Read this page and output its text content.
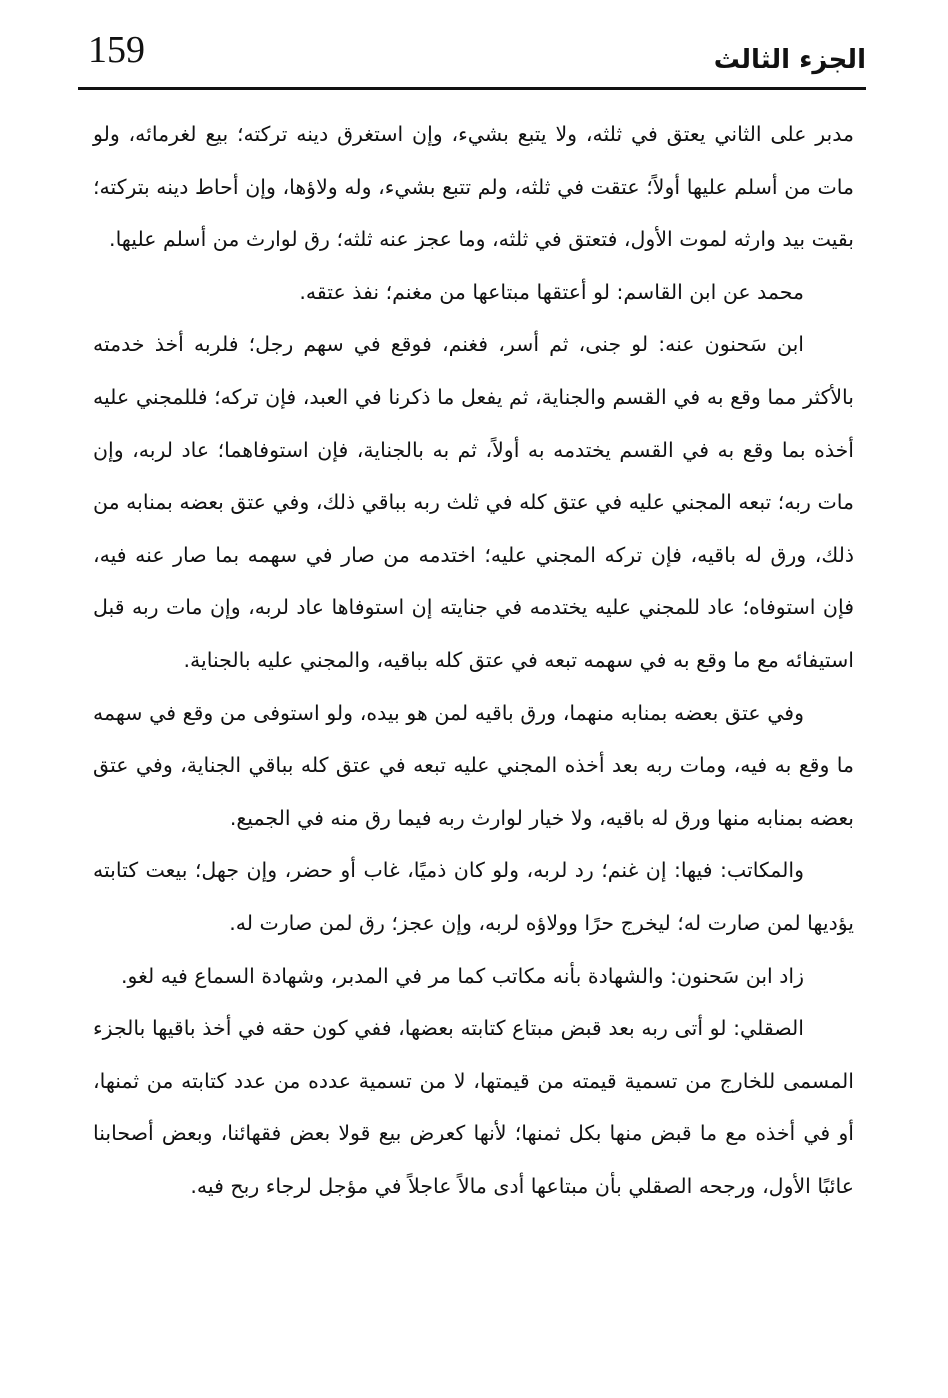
159	الجزء الثالث

مدبر على الثاني يعتق في ثلثه، ولا يتبع بشيء، وإن استغرق دينه تركته؛ بيع لغرمائه، ولو مات من أسلم عليها أولاً؛ عتقت في ثلثه، ولم تتبع بشيء، وله ولاؤها، وإن أحاط دينه بتركته؛ بقيت بيد وارثه لموت الأول، فتعتق في ثلثه، وما عجز عنه ثلثه؛ رق لوارث من أسلم عليها.

محمد عن ابن القاسم: لو أعتقها مبتاعها من مغنم؛ نفذ عتقه.

ابن سَحنون عنه: لو جنى، ثم أسر، فغنم، فوقع في سهم رجل؛ فلربه أخذ خدمته بالأكثر مما وقع به في القسم والجناية، ثم يفعل ما ذكرنا في العبد، فإن تركه؛ فللمجني عليه أخذه بما وقع به في القسم يختدمه به أولاً، ثم به بالجناية، فإن استوفاهما؛ عاد لربه، وإن مات ربه؛ تبعه المجني عليه في عتق كله في ثلث ربه بباقي ذلك، وفي عتق بعضه بمنابه من ذلك، ورق له باقيه، فإن تركه المجني عليه؛ اختدمه من صار في سهمه بما صار عنه فيه، فإن استوفاه؛ عاد للمجني عليه يختدمه في جنايته إن استوفاها عاد لربه، وإن مات ربه قبل استيفائه مع ما وقع به في سهمه تبعه في عتق كله بباقيه، والمجني عليه بالجناية.

وفي عتق بعضه بمنابه منهما، ورق باقيه لمن هو بيده، ولو استوفى من وقع في سهمه ما وقع به فيه، ومات ربه بعد أخذه المجني عليه تبعه في عتق كله بباقي الجناية، وفي عتق بعضه بمنابه منها ورق له باقيه، ولا خيار لوارث ربه فيما رق منه في الجميع.

والمكاتب: فيها: إن غنم؛ رد لربه، ولو كان ذميًا، غاب أو حضر، وإن جهل؛ بيعت كتابته يؤديها لمن صارت له؛ ليخرج حرًا وولاؤه لربه، وإن عجز؛ رق لمن صارت له.

زاد ابن سَحنون: والشهادة بأنه مكاتب كما مر في المدبر، وشهادة السماع فيه لغو.

الصقلي: لو أتى ربه بعد قبض مبتاع كتابته بعضها، ففي كون حقه في أخذ باقيها بالجزء المسمى للخارج من تسمية قيمته من قيمتها، لا من تسمية عدده من عدد كتابته من ثمنها، أو في أخذه مع ما قبض منها بكل ثمنها؛ لأنها كعرض بيع قولا بعض فقهائنا، وبعض أصحابنا عائبًا الأول، ورجحه الصقلي بأن مبتاعها أدى مالاً عاجلاً في مؤجل لرجاء ربح فيه.
